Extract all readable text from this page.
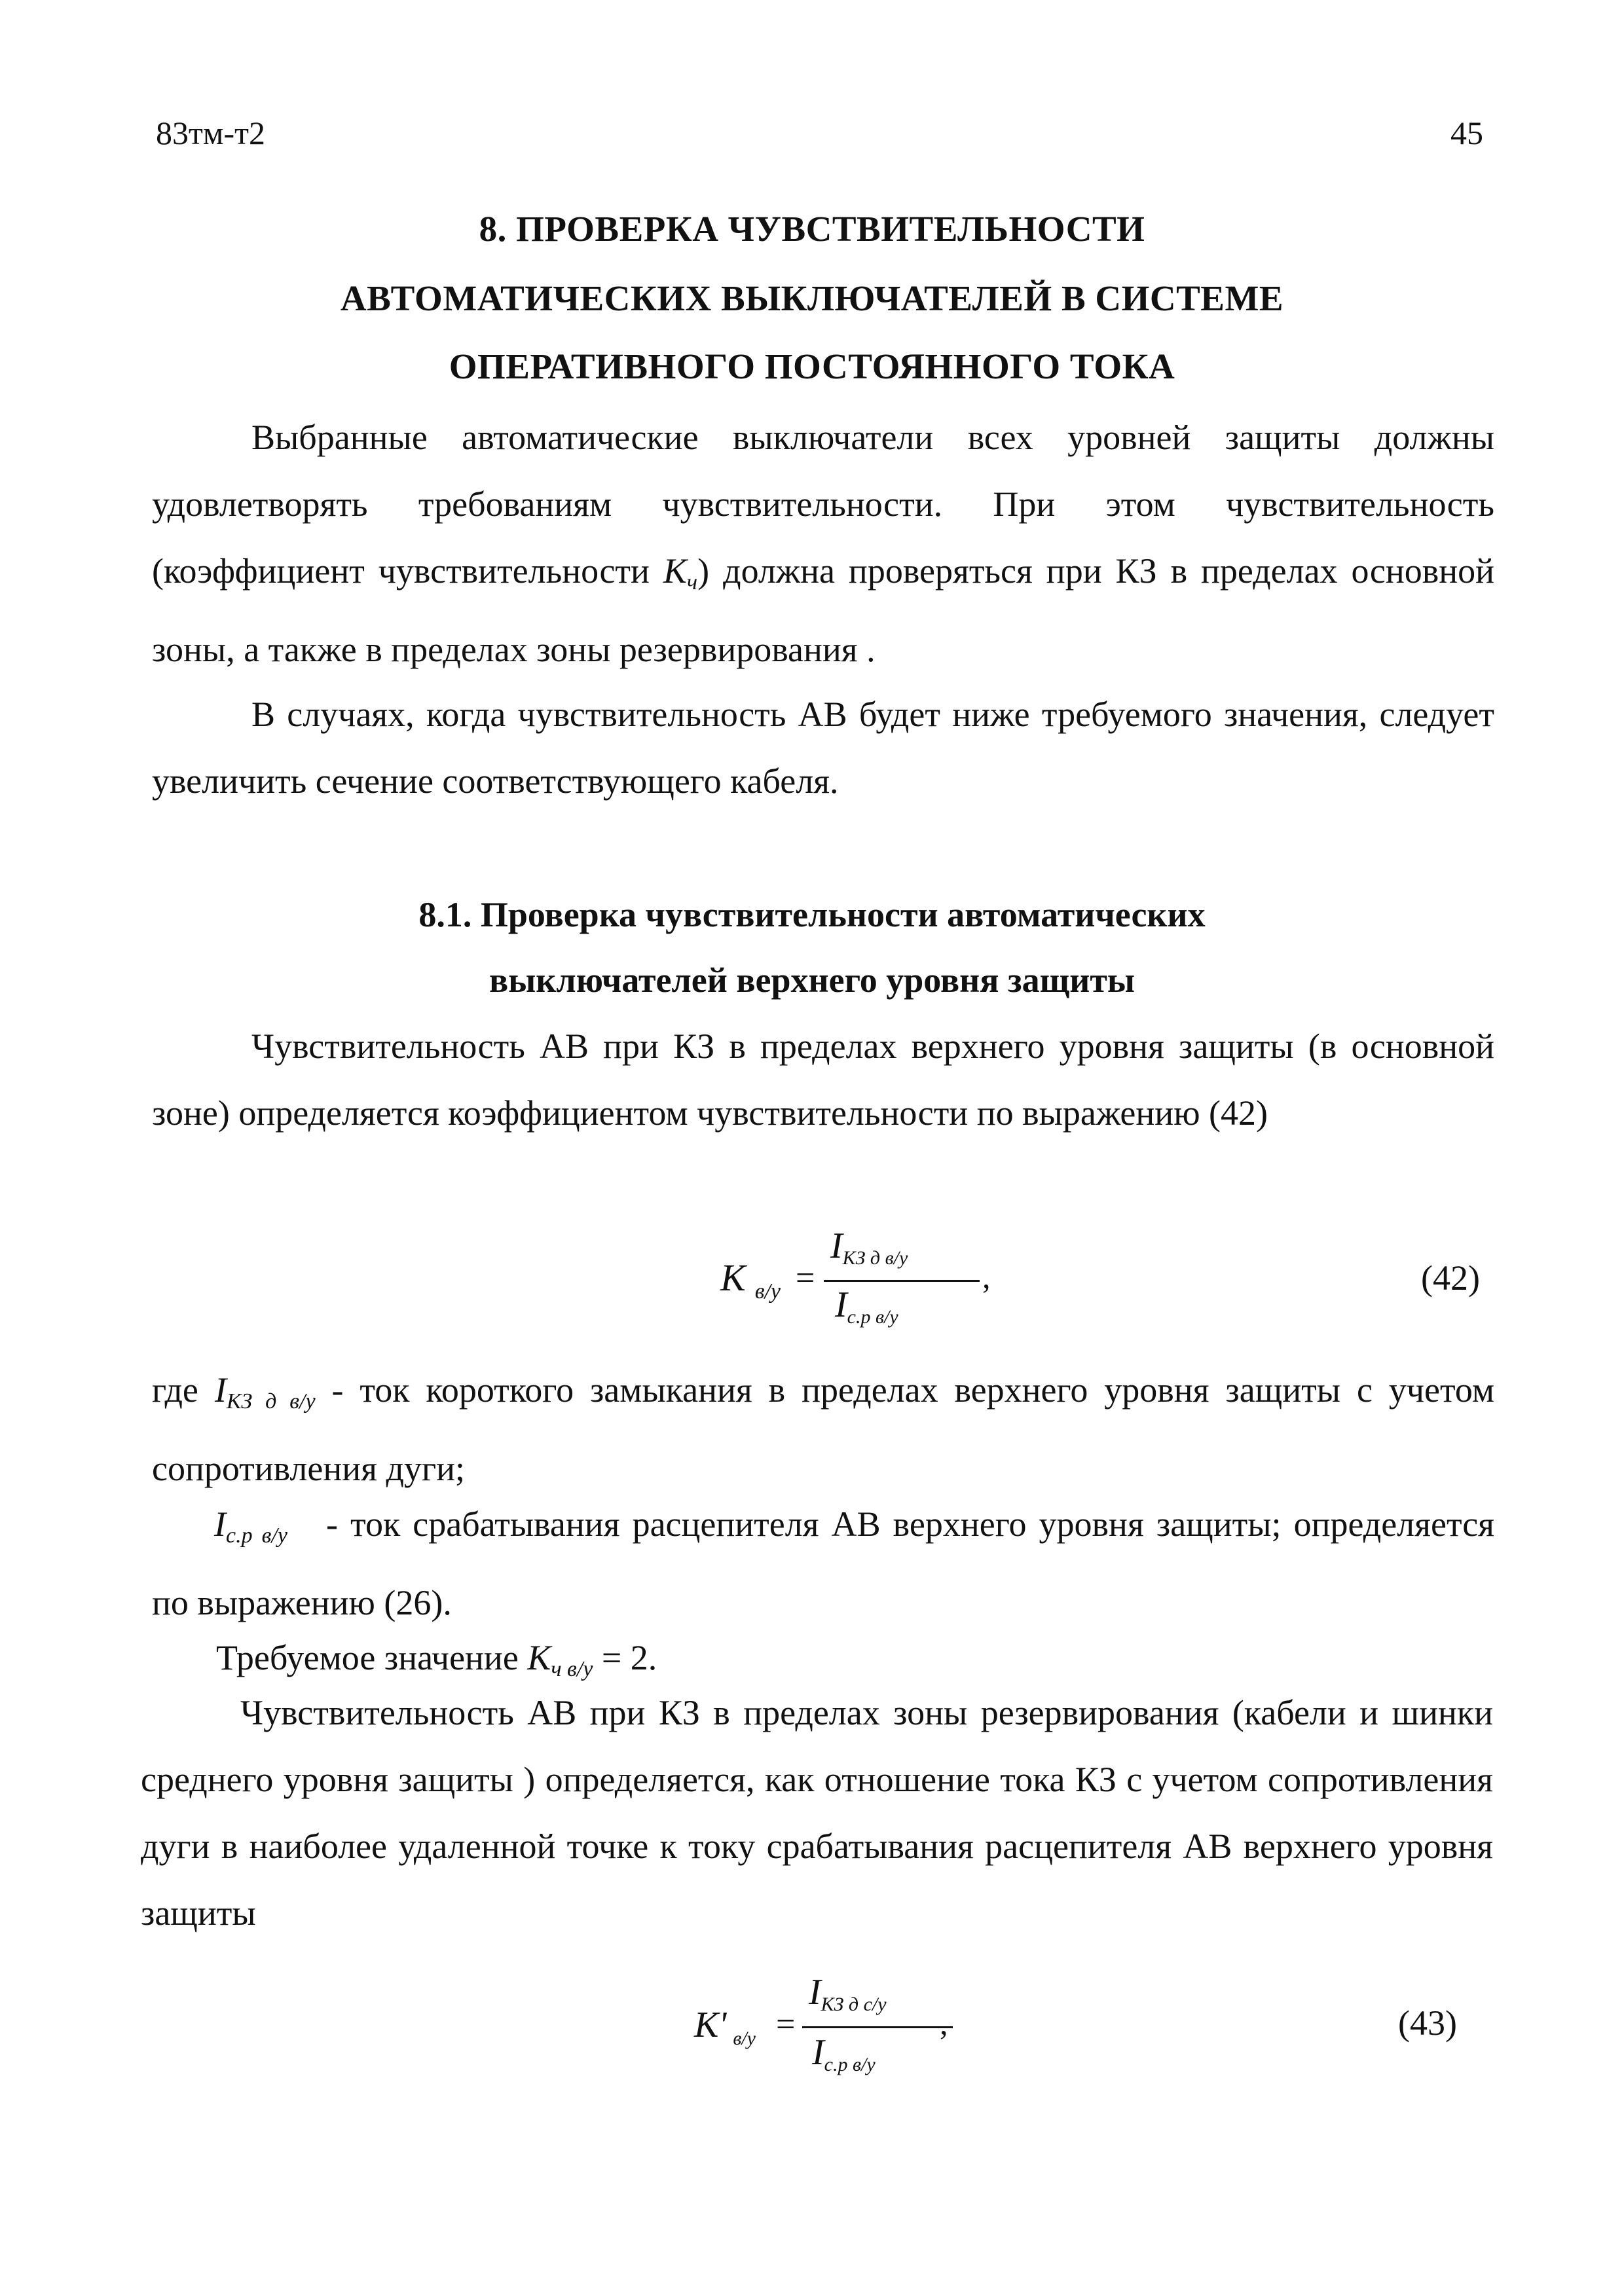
83тм-т2	45
8. ПРОВЕРКА ЧУВСТВИТЕЛЬНОСТИ
АВТОМАТИЧЕСКИХ ВЫКЛЮЧАТЕЛЕЙ В СИСТЕМЕ
ОПЕРАТИВНОГО ПОСТОЯННОГО ТОКА
Выбранные автоматические выключатели всех уровней защиты должны удовлетворять требованиям чувствительности. При этом чувствительность (коэффициент чувствительности $K_ч$) должна проверяться при КЗ в пределах основной зоны, а также в пределах зоны резервирования .
В случаях, когда чувствительность АВ будет ниже требуемого значения, следует увеличить сечение соответствующего кабеля.
8.1. Проверка чувствительности автоматических
выключателей верхнего уровня защиты
Чувствительность АВ при КЗ в пределах верхнего уровня защиты (в основной зоне) определяется коэффициентом чувствительности по выражению (42)
K $_{в/у}$ =
IКЗ д в/у
Iс.р в/у
,	(42)
где $I_{КЗ д в/у}$ - ток короткого замыкания в пределах верхнего уровня защиты с учетом сопротивления дуги;
$I_{с.р в/у}$ - ток срабатывания расцепителя АВ верхнего уровня защиты; определяется по выражению (26).
Требуемое значение $K_{ч в/у} = 2$.
Чувствительность АВ при КЗ в пределах зоны резервирования (кабели и шинки среднего уровня защиты ) определяется, как отношение тока КЗ с учетом сопротивления дуги в наиболее удаленной точке к току срабатывания расцепителя АВ верхнего уровня защиты
K' $_{в/у}$ =
IКЗ д с/у
Iс.р в/у
,	(43)
